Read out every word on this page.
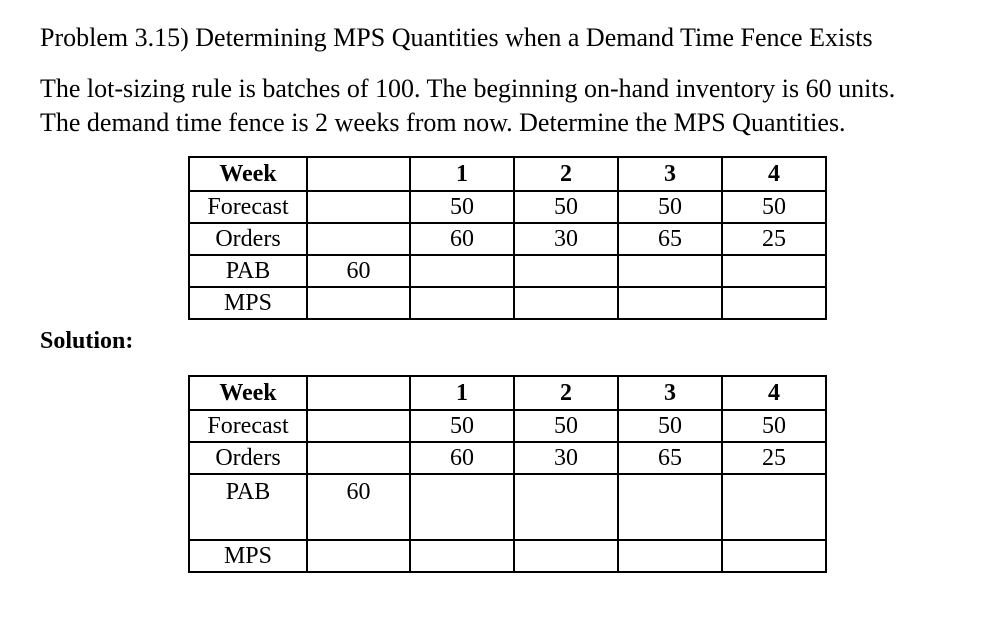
Problem 3.15) Determining MPS Quantities when a Demand Time Fence Exists
The lot-sizing rule is batches of 100. The beginning on-hand inventory is 60 units.
The demand time fence is 2 weeks from now. Determine the MPS Quantities.
Week		1	2	3	4
Forecast		50	50	50	50
Orders		60	30	65	25
PAB	60				
MPS					
Solution:
Week		1	2	3	4
Forecast		50	50	50	50
Orders		60	30	65	25
PAB	60				
MPS					
